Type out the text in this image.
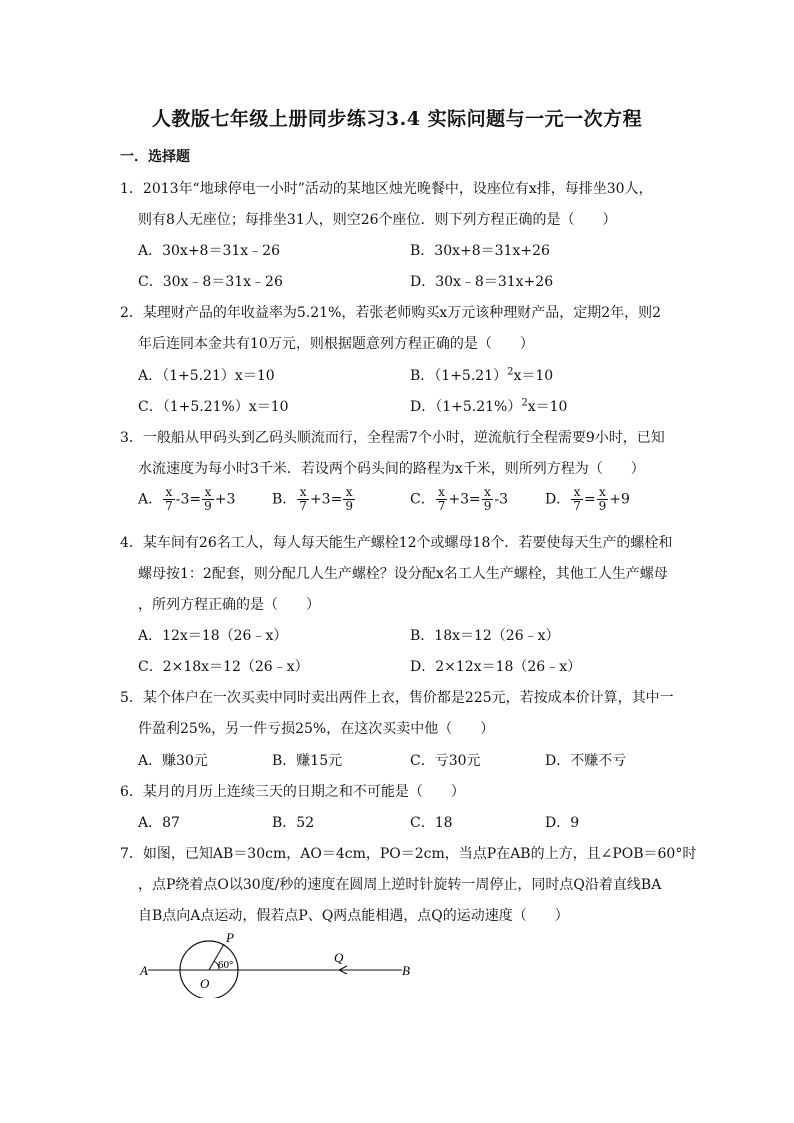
人教版七年级上册同步练习3.4 实际问题与一元一次方程
一．选择题
1．2013年“地球停电一小时”活动的某地区烛光晚餐中，设座位有x排，每排坐30人，
则有8人无座位；每排坐31人，则空26个座位．则下列方程正确的是（　　）
A．30x+8＝31x﹣26	B．30x+8＝31x+26
C．30x﹣8＝31x﹣26	D．30x﹣8＝31x+26
2．某理财产品的年收益率为5.21%，若张老师购买x万元该种理财产品，定期2年，则2
年后连同本金共有10万元，则根据题意列方程正确的是（　　）
A．（1+5.21）x＝10	B．$(1+5.21)^2x=10$
C．（1+5.21%）x＝10	D．$(1+5.21\%)^2x=10$
3．一般船从甲码头到乙码头顺流而行，全程需7个小时，逆流航行全程需要9小时，已知
水流速度为每小时3千米．若设两个码头间的路程为x千米，则所列方程为（　　）
A． $\frac{x}{7} -3= \frac{x}{9} +3$	B． $\frac{x}{7} +3= \frac{x}{9}$	C． $\frac{x}{7} +3= \frac{x}{9} -3$	D． $\frac{x}{7} = \frac{x}{9} +9$
4．某车间有26名工人，每人每天能生产螺栓12个或螺母18个．若要使每天生产的螺栓和
螺母按1：2配套，则分配几人生产螺栓？设分配x名工人生产螺栓，其他工人生产螺母
，所列方程正确的是（　　）
A．12x＝18（26﹣x）	B．18x＝12（26﹣x）
C．2×18x＝12（26﹣x）	D．2×12x＝18（26﹣x）
5．某个体户在一次买卖中同时卖出两件上衣，售价都是225元，若按成本价计算，其中一
件盈利25%，另一件亏损25%，在这次买卖中他（　　）
A．赚30元	B．赚15元	C．亏30元	D．不赚不亏
6．某月的月历上连续三天的日期之和不可能是（　　）
A．87	B．52	C．18	D．9
7．如图，已知AB＝30cm，AO＝4cm，PO＝2cm，当点P在AB的上方，且∠POB＝60°时
，点P绕着点O以30度/秒的速度在圆周上逆时针旋转一周停止，同时点Q沿着直线BA
自B点向A点运动，假若点P、Q两点能相遇，点Q的运动速度（　　）
A	B
O
P
Q
60°
